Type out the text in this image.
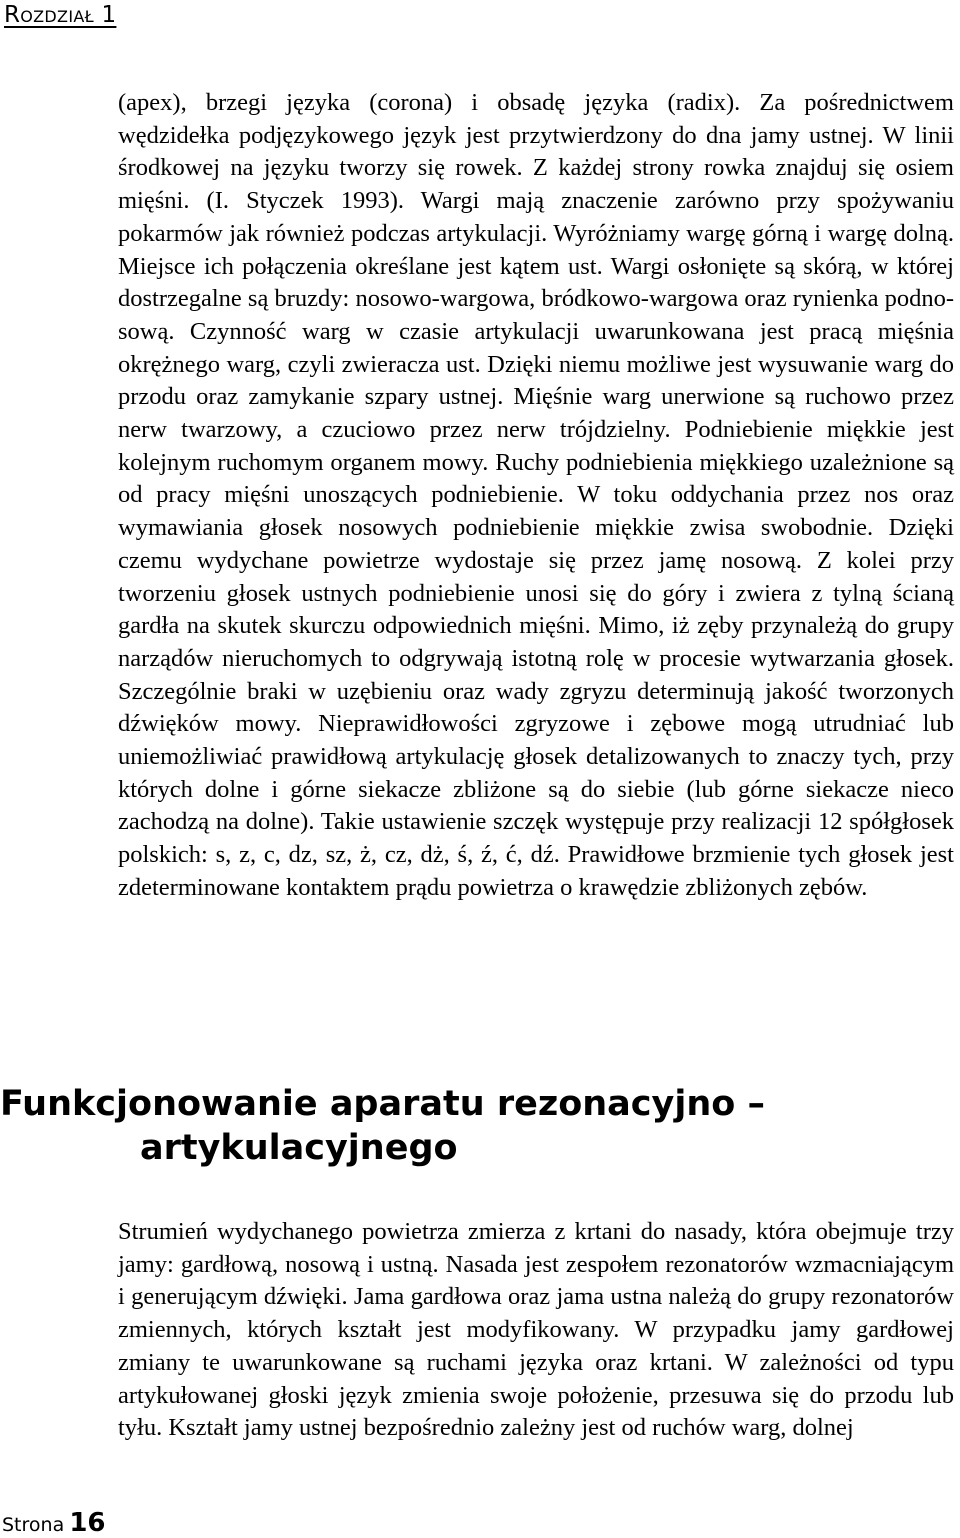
Rozdział 1

(apex), brzegi języka (corona) i obsadę języka (radix). Za pośrednictwem wędzidełka podjęzykowego język jest przytwierdzony do dna jamy ustnej. W linii środkowej na języku tworzy się rowek. Z każdej strony rowka znajduj się osiem mięśni. (I. Styczek 1993). Wargi mają znaczenie zarówno przy spożywaniu pokarmów jak również podczas artykulacji. Wyróżniamy wargę górną i wargę dolną. Miejsce ich połączenia określane jest kątem ust. Wargi osłonięte są skórą, w której dostrzegalne są bruzdy: nosowo-wargowa, bródkowo-wargowa oraz rynienka podnosową. Czynność warg w czasie artykulacji uwarunkowana jest pracą mięśnia okrężnego warg, czyli zwieracza ust. Dzięki niemu możliwe jest wysuwanie warg do przodu oraz zamykanie szpary ustnej. Mięśnie warg unerwione są ruchowo przez nerw twarzowy, a czuciowo przez nerw trójdzielny. Podniebienie miękkie jest kolejnym ruchomym organem mowy. Ruchy podniebienia miękkiego uzależnione są od pracy mięśni unoszących podniebienie. W toku oddychania przez nos oraz wymawiania głosek nosowych podniebienie miękkie zwisa swobodnie. Dzięki czemu wydychane powietrze wydostaje się przez jamę nosową. Z kolei przy tworzeniu głosek ustnych podniebienie unosi się do góry i zwiera z tylną ścianą gardła na skutek skurczu odpowiednich mięśni. Mimo, iż zęby przynależą do grupy narządów nieruchomych to odgrywają istotną rolę w procesie wytwarzania głosek. Szczególnie braki w uzębieniu oraz wady zgryzu determinują jakość tworzonych dźwięków mowy. Nieprawidłowości zgryzowe i zębowe mogą utrudniać lub uniemożliwiać prawidłową artykulację głosek detalizowanych to znaczy tych, przy których dolne i górne siekacze zbliżone są do siebie (lub górne siekacze nieco zachodzą na dolne). Takie ustawienie szczęk występuje przy realizacji 12 spółgłosek polskich: s, z, c, dz, sz, ż, cz, dż, ś, ź, ć, dź. Prawidłowe brzmienie tych głosek jest zdeterminowane kontaktem prądu powietrza o krawędzie zbliżonych zębów.

Funkcjonowanie aparatu rezonacyjno –
artykulacyjnego

Strumień wydychanego powietrza zmierza z krtani do nasady, która obejmuje trzy jamy: gardłową, nosową i ustną. Nasada jest zespołem rezonatorów wzmacniającym i generującym dźwięki. Jama gardłowa oraz jama ustna należą do grupy rezonatorów zmiennych, których kształt jest modyfikowany. W przypadku jamy gardłowej zmiany te uwarunkowane są ruchami języka oraz krtani. W zależności od typu artykułowanej głoski język zmienia swoje położenie, przesuwa się do przodu lub tyłu. Kształt jamy ustnej bezpośrednio zależny jest od ruchów warg, dolnej

Strona 16
